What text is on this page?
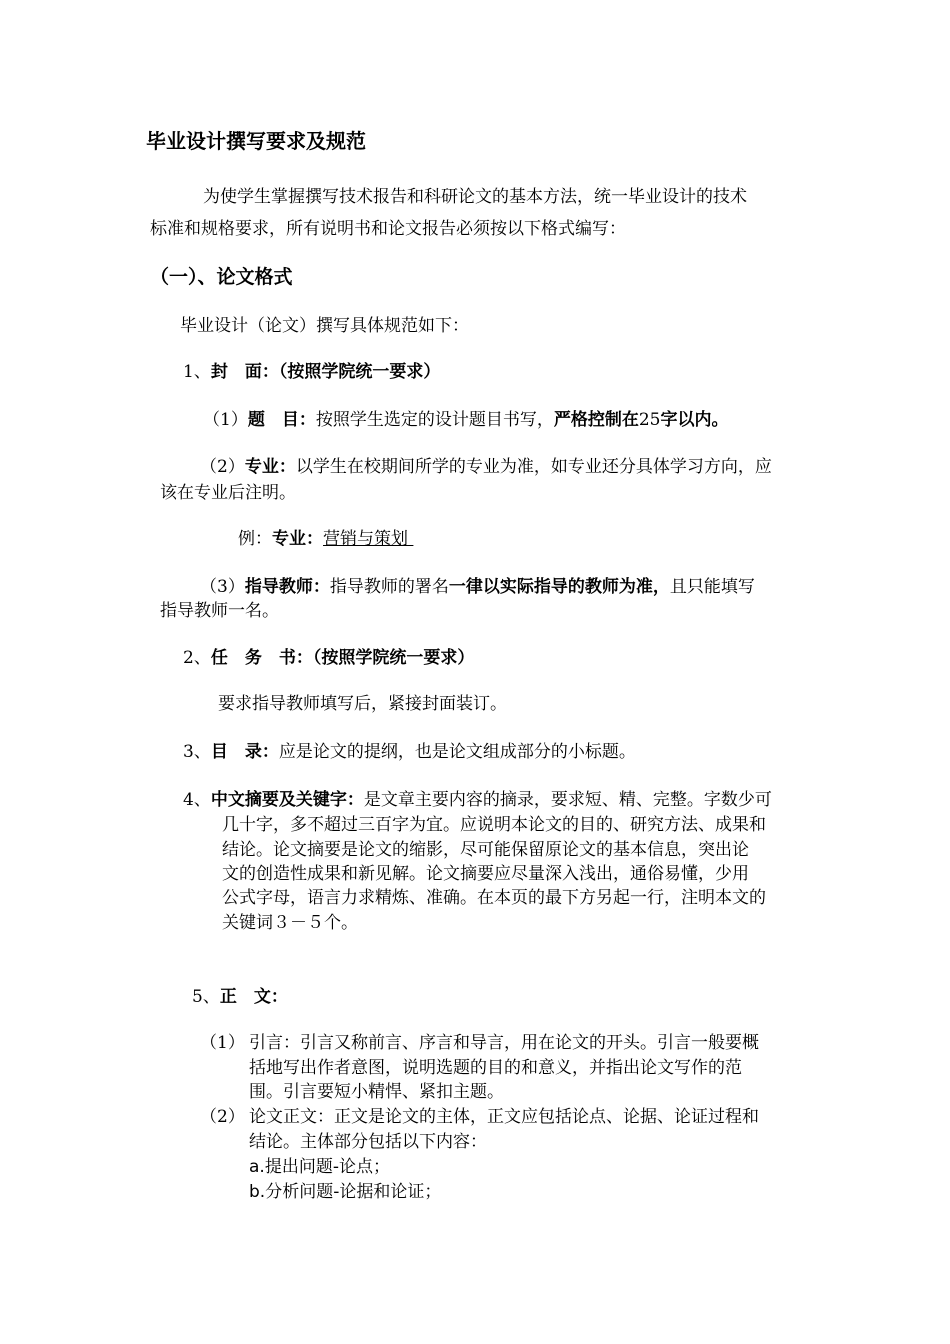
毕业设计撰写要求及规范
为使学生掌握撰写技术报告和科研论文的基本方法，统一毕业设计的技术
标准和规格要求，所有说明书和论文报告必须按以下格式编写：
（一）、论文格式
毕业设计（论文）撰写具体规范如下：
1、封　面：（按照学院统一要求）
（1）题　目：按照学生选定的设计题目书写，严格控制在25字以内。
（2）专业：以学生在校期间所学的专业为准，如专业还分具体学习方向，应
该在专业后注明。
例：专业：营销与策划
（3）指导教师：指导教师的署名一律以实际指导的教师为准，且只能填写
指导教师一名。
2、任　务　书：（按照学院统一要求）
要求指导教师填写后，紧接封面装订。
3、目　录：应是论文的提纲，也是论文组成部分的小标题。
4、中文摘要及关键字：是文章主要内容的摘录，要求短、精、完整。字数少可
几十字，多不超过三百字为宜。应说明本论文的目的、研究方法、成果和
结论。论文摘要是论文的缩影，尽可能保留原论文的基本信息，突出论
文的创造性成果和新见解。论文摘要应尽量深入浅出，通俗易懂，少用
公式字母，语言力求精炼、准确。在本页的最下方另起一行，注明本文的
关键词３－５个。
5、正　文：
（1） 引言：引言又称前言、序言和导言，用在论文的开头。引言一般要概
括地写出作者意图，说明选题的目的和意义，并指出论文写作的范
围。引言要短小精悍、紧扣主题。
（2） 论文正文：正文是论文的主体，正文应包括论点、论据、论证过程和
结论。主体部分包括以下内容：
a.提出问题-论点；
b.分析问题-论据和论证；
